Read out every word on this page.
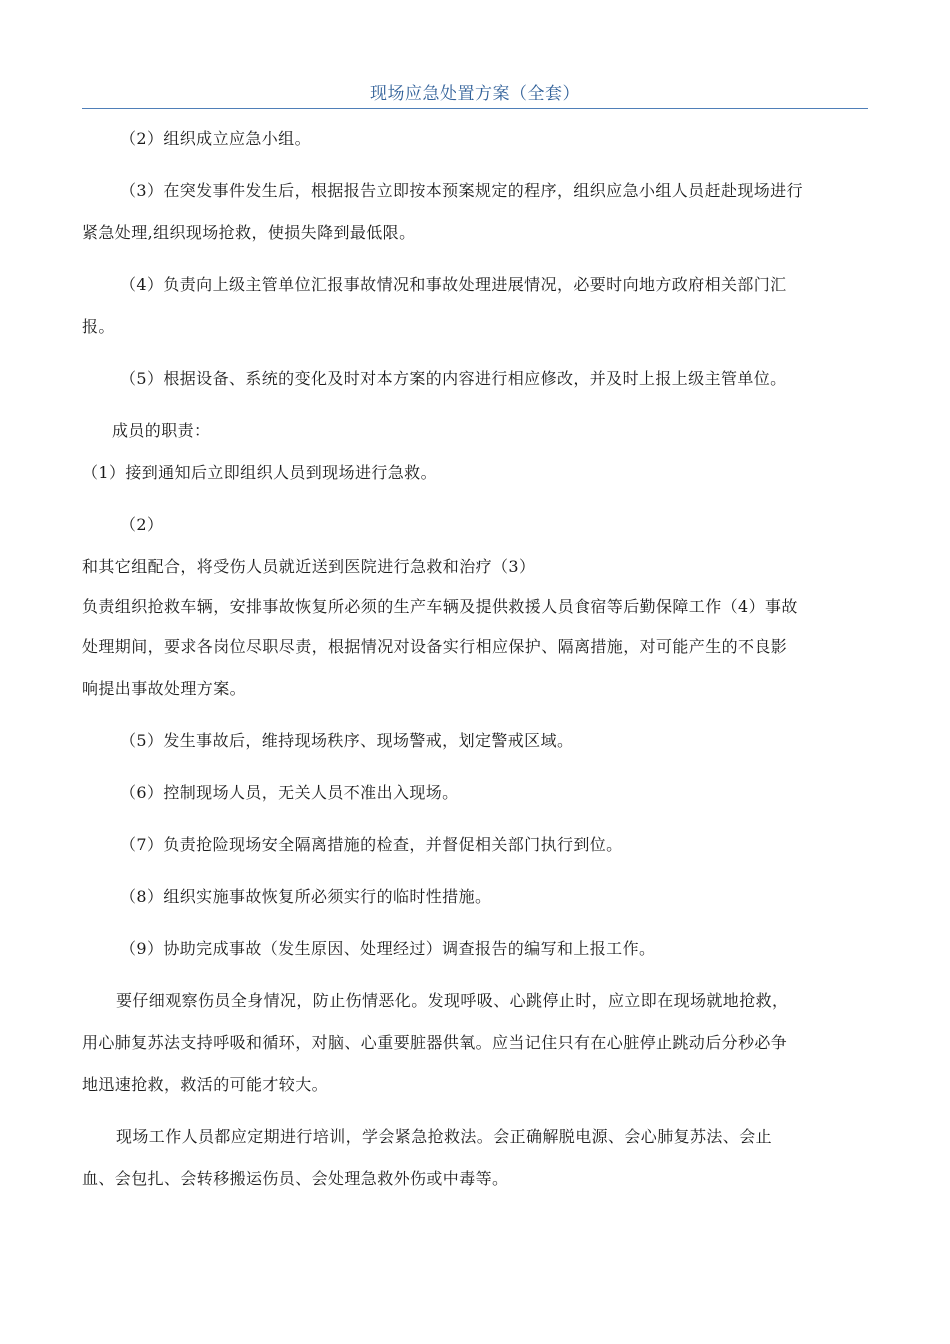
现场应急处置方案（全套）
（2）组织成立应急小组。
（3）在突发事件发生后，根据报告立即按本预案规定的程序，组织应急小组人员赶赴现场进行
紧急处理,组织现场抢救，使损失降到最低限。
（4）负责向上级主管单位汇报事故情况和事故处理进展情况，必要时向地方政府相关部门汇
报。
（5）根据设备、系统的变化及时对本方案的内容进行相应修改，并及时上报上级主管单位。
成员的职责：
（1）接到通知后立即组织人员到现场进行急救。
（2）
和其它组配合，将受伤人员就近送到医院进行急救和治疗（3）
负责组织抢救车辆，安排事故恢复所必须的生产车辆及提供救援人员食宿等后勤保障工作（4）事故
处理期间，要求各岗位尽职尽责，根据情况对设备实行相应保护、隔离措施，对可能产生的不良影
响提出事故处理方案。
（5）发生事故后，维持现场秩序、现场警戒，划定警戒区域。
（6）控制现场人员，无关人员不准出入现场。
（7）负责抢险现场安全隔离措施的检查，并督促相关部门执行到位。
（8）组织实施事故恢复所必须实行的临时性措施。
（9）协助完成事故（发生原因、处理经过）调查报告的编写和上报工作。
要仔细观察伤员全身情况，防止伤情恶化。发现呼吸、心跳停止时，应立即在现场就地抢救，
用心肺复苏法支持呼吸和循环，对脑、心重要脏器供氧。应当记住只有在心脏停止跳动后分秒必争
地迅速抢救，救活的可能才较大。
现场工作人员都应定期进行培训，学会紧急抢救法。会正确解脱电源、会心肺复苏法、会止
血、会包扎、会转移搬运伤员、会处理急救外伤或中毒等。
